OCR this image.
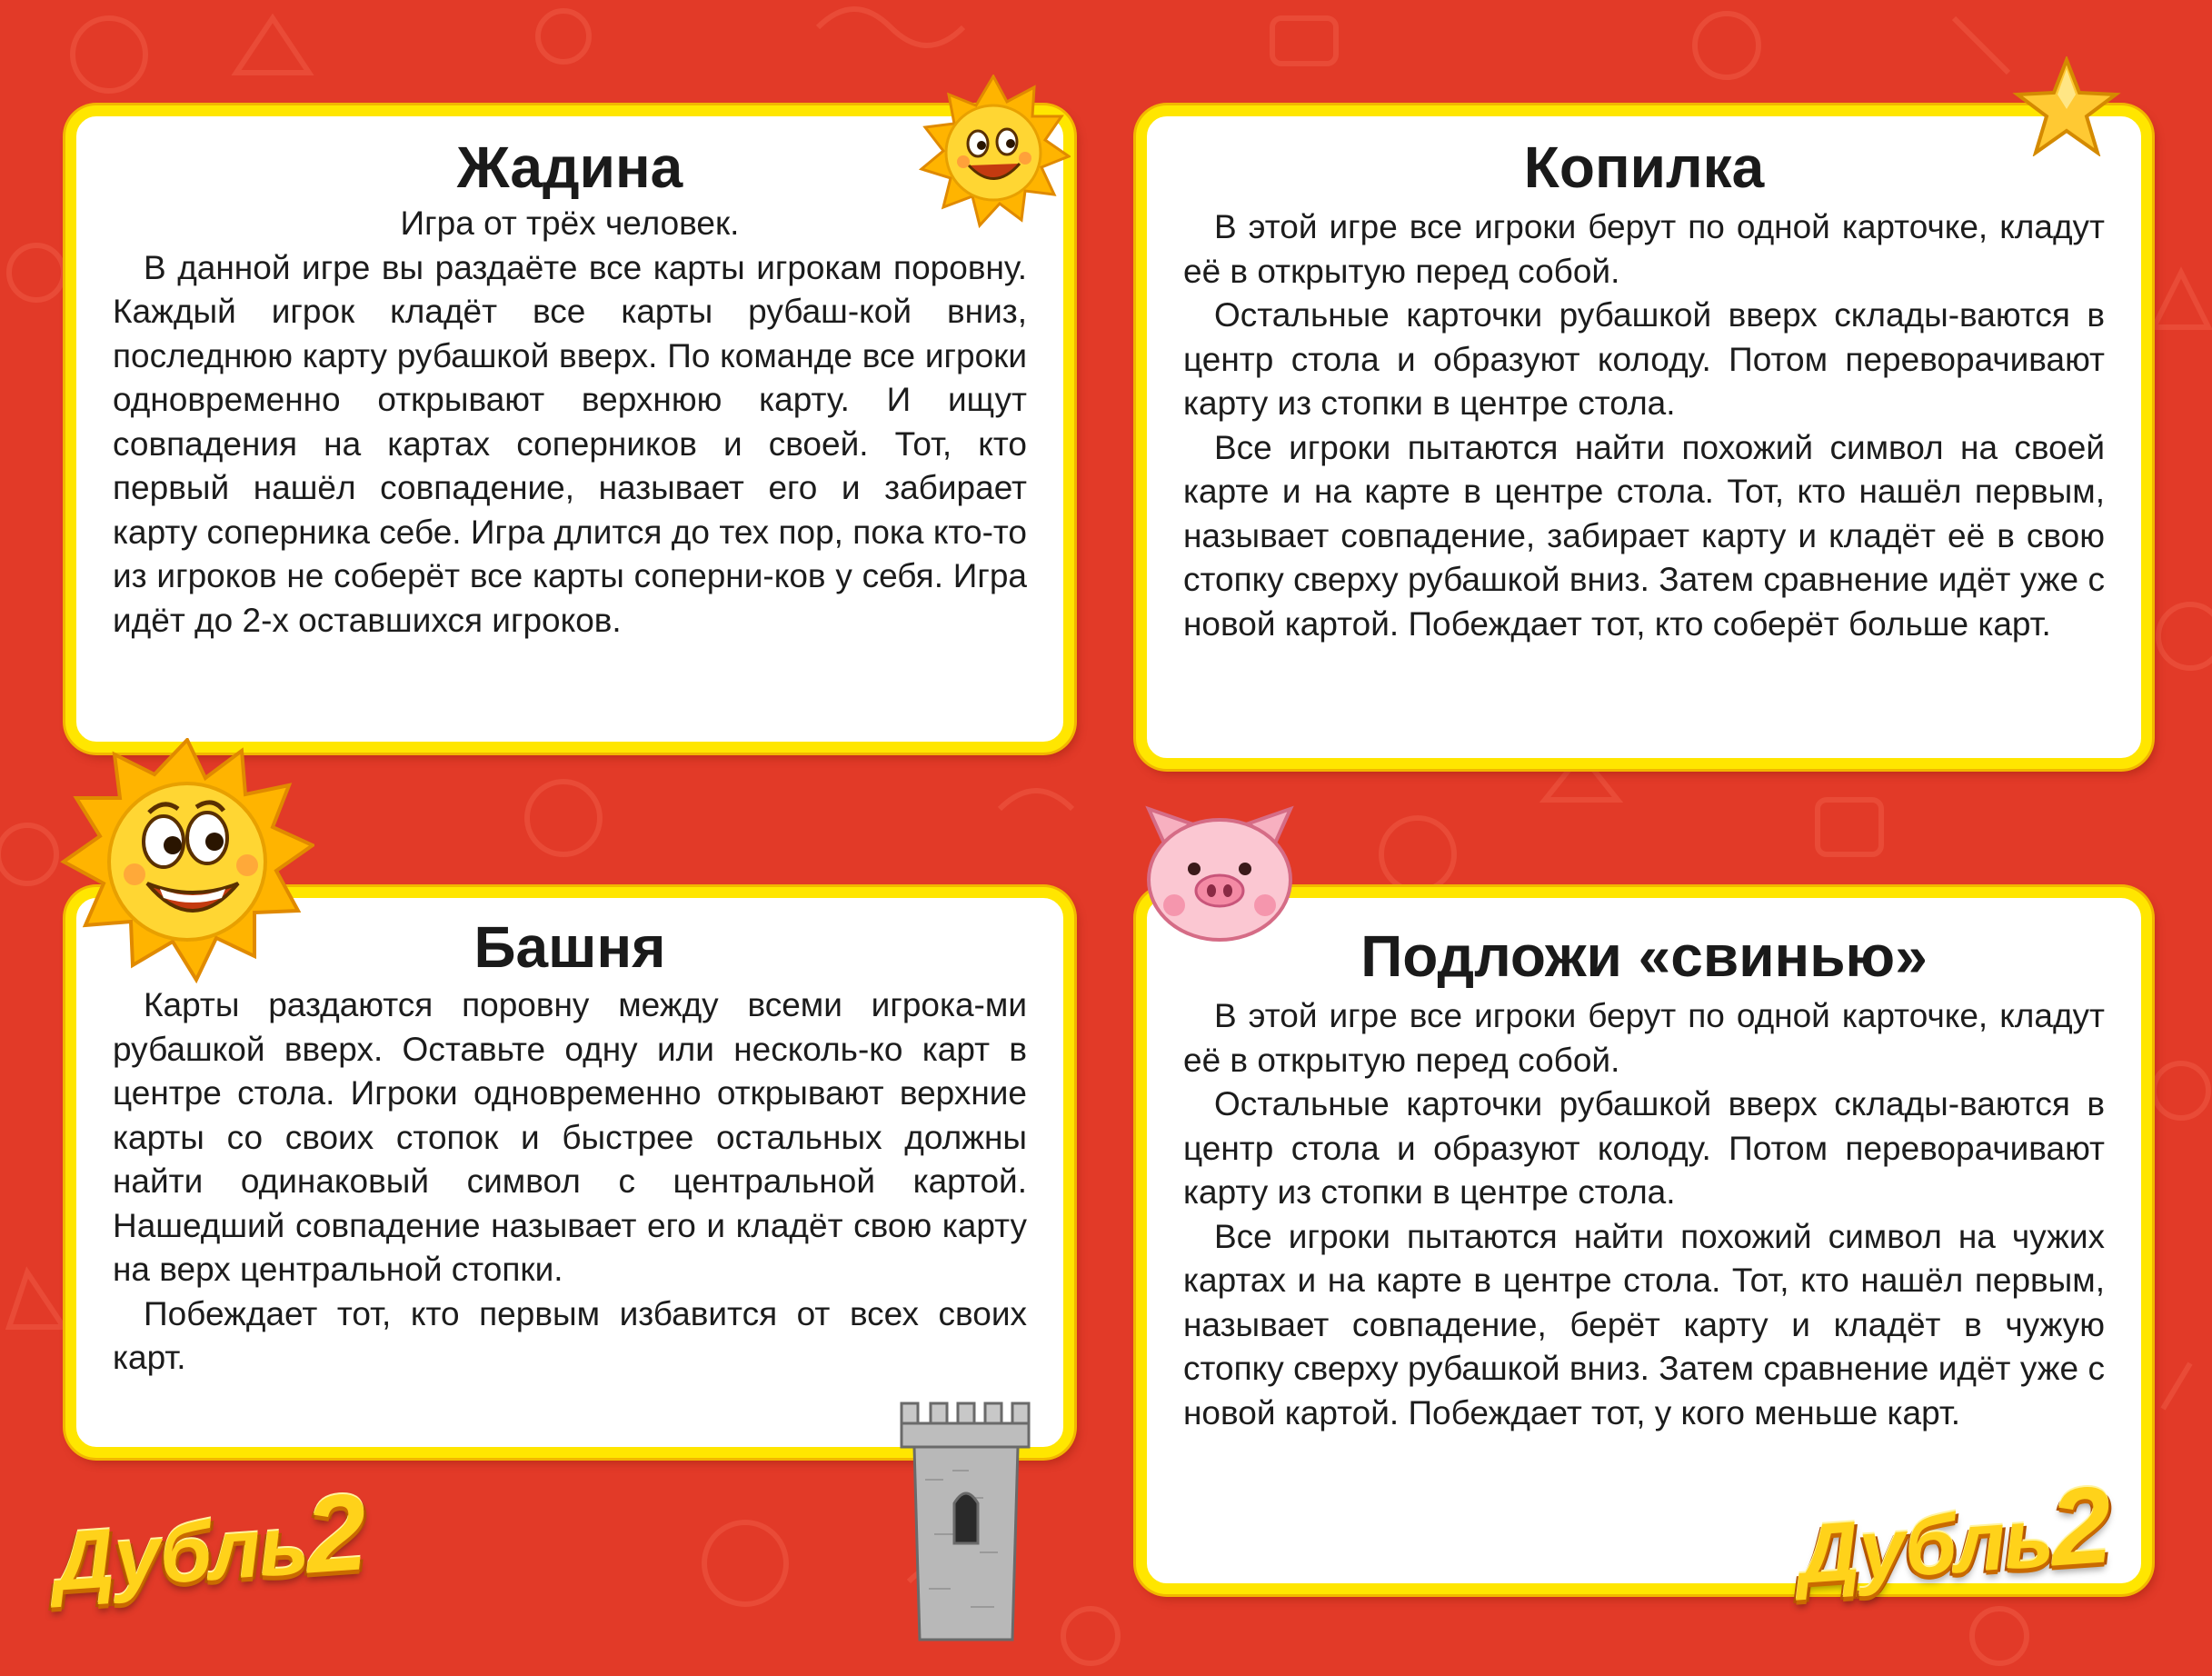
Жадина

Игра от трёх человек.

В данной игре вы раздаёте все карты игрокам поровну. Каждый игрок кладёт все карты рубаш-кой вниз, последнюю карту рубашкой вверх. По команде все игроки одновременно открывают верхнюю карту. И ищут совпадения на картах соперников и своей. Тот, кто первый нашёл совпадение, называет его и забирает карту соперника себе. Игра длится до тех пор, пока кто-то из игроков не соберёт все карты соперни-ков у себя. Игра идёт до 2-х оставшихся игроков.

Копилка

В этой игре все игроки берут по одной карточке, кладут её в открытую перед собой.

Остальные карточки рубашкой вверх склады-ваются в центр стола и образуют колоду. Потом переворачивают карту из стопки в центре стола.

Все игроки пытаются найти похожий символ на своей карте и на карте в центре стола. Тот, кто нашёл первым, называет совпадение, забирает карту и кладёт её в свою стопку сверху рубашкой вниз. Затем сравнение идёт уже с новой картой. Побеждает тот, кто соберёт больше карт.

Башня

Карты раздаются поровну между всеми игрока-ми рубашкой вверх. Оставьте одну или несколь-ко карт в центре стола. Игроки одновременно открывают верхние карты со своих стопок и быстрее остальных должны найти одинаковый символ с центральной картой. Нашедший совпадение называет его и кладёт свою карту на верх центральной стопки.

Побеждает тот, кто первым избавится от всех своих карт.

Подложи «свинью»

В этой игре все игроки берут по одной карточке, кладут её в открытую перед собой.

Остальные карточки рубашкой вверх склады-ваются в центр стола и образуют колоду. Потом переворачивают карту из стопки в центре стола.

Все игроки пытаются найти похожий символ на чужих картах и на карте в центре стола. Тот, кто нашёл первым, называет совпадение, берёт карту и кладёт в чужую стопку сверху рубашкой вниз. Затем сравнение идёт уже с новой картой. Побеждает тот, у кого меньше карт.

Дубль2	Дубль2
